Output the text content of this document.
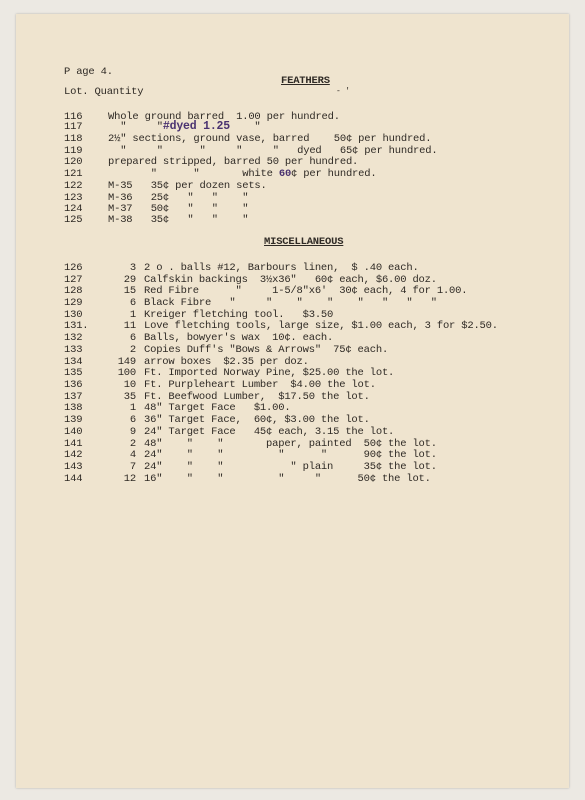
P age 4.
FEATHERS
- '
Lot. Quantity
116 Whole ground barred  1.00 per hundred.
117  "     "#dyed 1.25    "
118 2½" sections, ground vase, barred    50¢ per hundred.
119  "     "      "     "     "   dyed   65¢ per hundred.
120 prepared stripped, barred 50 per hundred.
121       "      "       white 60¢ per hundred.
122 M-35   35¢ per dozen sets.
123 M-36   25¢   "   "    "
124 M-37   50¢   "   "    "
125 M-38   35¢   "   "    "
MISCELLANEOUS
126	3 2 o . balls #12, Barbours linen,  $ .40 each.
127	29 Calfskin backings  3½x36"   60¢ each, $6.00 doz.
128	15 Red Fibre      "     1-5/8"x6'  30¢ each, 4 for 1.00.
129	6 Black Fibre   "     "    "    "    "   "   "   "
130	1 Kreiger fletching tool.   $3.50
131.	11 Love fletching tools, large size, $1.00 each, 3 for $2.50.
132	6 Balls, bowyer's wax  10¢. each.
133	2 Copies Duff's "Bows & Arrows"  75¢ each.
134	149 arrow boxes  $2.35 per doz.
135	100 Ft. Imported Norway Pine, $25.00 the lot.
136	10 Ft. Purpleheart Lumber  $4.00 the lot.
137	35 Ft. Beefwood Lumber,  $17.50 the lot.
138	1 48" Target Face   $1.00.
139	6 36" Target Face,  60¢, $3.00 the lot.
140	9 24" Target Face   45¢ each, 3.15 the lot.
141	2 48"    "    "       paper, painted  50¢ the lot.
142	4 24"    "    "         "      "      90¢ the lot.
143	7 24"    "    "           " plain     35¢ the lot.
144	12 16"    "    "         "     "      50¢ the lot.
